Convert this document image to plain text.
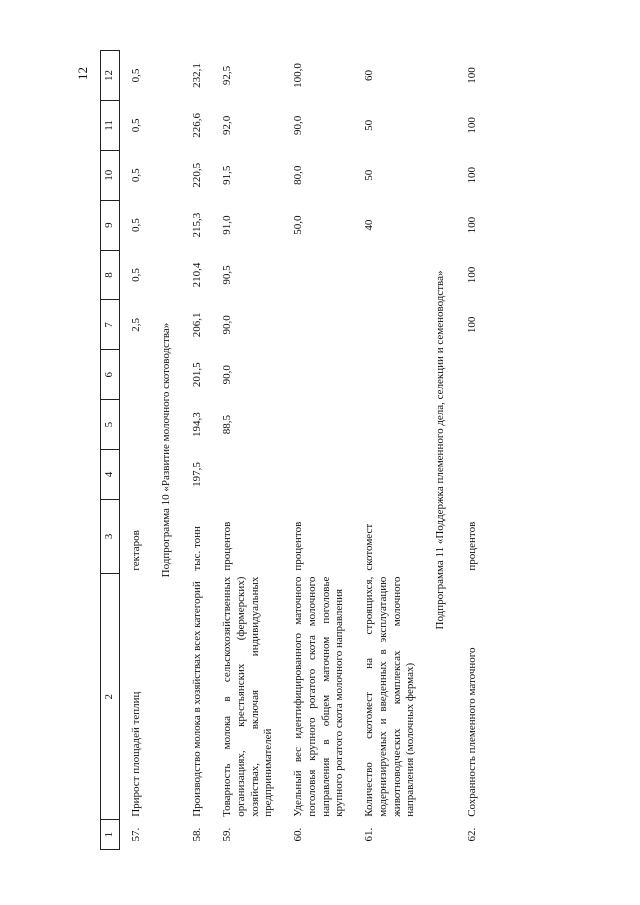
12
1	2	3	4	5	6	7	8	9	10	11	12
57.	Прирост площадей теплиц	гектаров				2,5	0,5	0,5	0,5	0,5	0,5
Подпрограмма 10 «Развитие молочного скотоводства»											
58.	Производство молока в хозяйствах всех категорий	тыс. тонн	197,5	194,3	201,5	206,1	210,4	215,3	220,5	226,6	232,1
59.	Товарность молока в сельскохозяйственных организациях, крестьянских (фермерских) хозяйствах, включая индивидуальных предпринимателей	процентов		88,5	90,0	90,0	90,5	91,0	91,5	92,0	92,5
60.	Удельный вес идентифицированного маточного поголовья крупного рогатого скота молочного направления в общем маточном поголовье крупного рогатого скота молочного направления	процентов						50,0	80,0	90,0	100,0
61.	Количество скотомест на строящихся, модернизируемых и введенных в эксплуатацию животноводческих комплексах молочного направления (молочных фермах)	скотомест						40	50	50	60
Подпрограмма 11 «Поддержка племенного дела, селекции и семеноводства»											
62.	Сохранность племенного маточного	процентов				100	100	100	100	100	100
